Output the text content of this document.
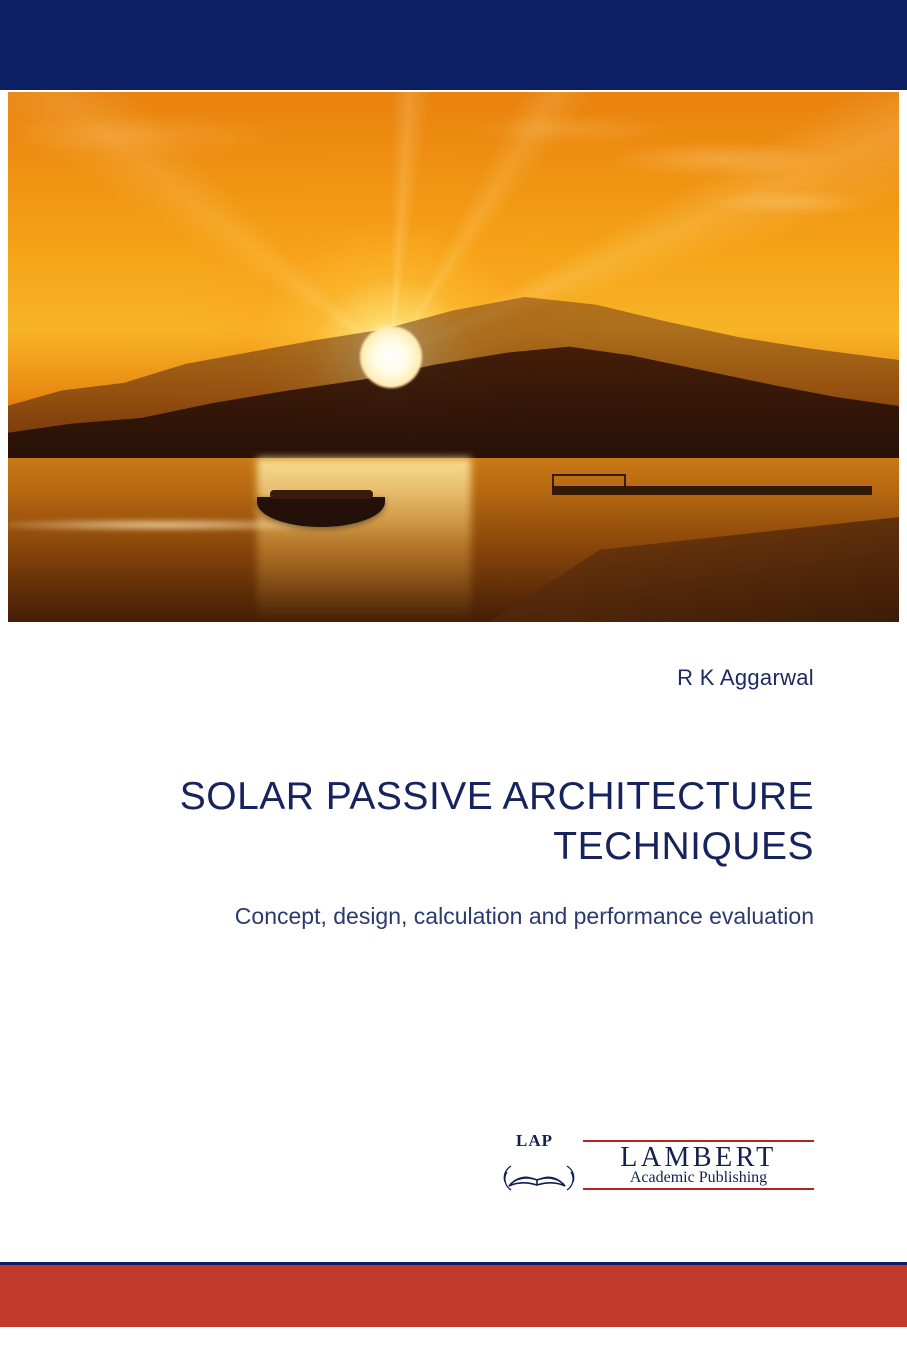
R K Aggarwal
SOLAR PASSIVE ARCHITECTURE TECHNIQUES
Concept, design, calculation and performance evaluation
LAP
LAMBERT
Academic Publishing
